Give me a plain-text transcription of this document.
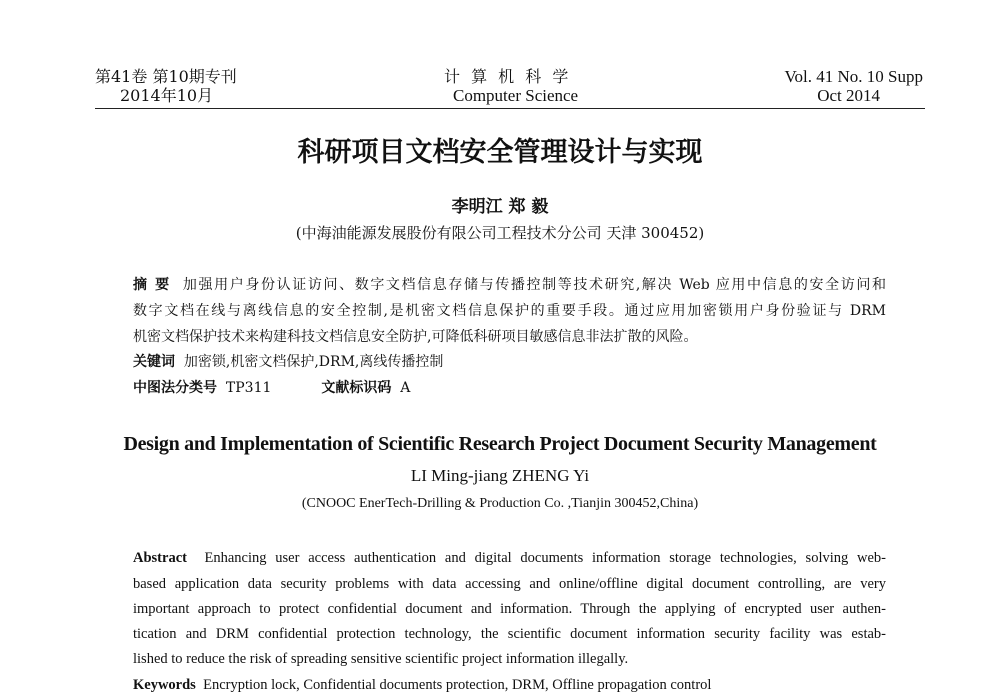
第41卷 第10期专刊
2014年10月
计 算 机 科 学
Computer Science
Vol. 41 No. 10 Supp
Oct 2014
科研项目文档安全管理设计与实现
李明江 郑 毅
(中海油能源发展股份有限公司工程技术分公司 天津 300452)
摘 要 加强用户身份认证访问、数字文档信息存储与传播控制等技术研究,解决 Web 应用中信息的安全访问和
数字文档在线与离线信息的安全控制,是机密文档信息保护的重要手段。通过应用加密锁用户身份验证与 DRM
机密文档保护技术来构建科技文档信息安全防护,可降低科研项目敏感信息非法扩散的风险。
关键词 加密锁,机密文档保护,DRM,离线传播控制
中图法分类号 TP311	文献标识码 A
Design and Implementation of Scientific Research Project Document Security Management
LI Ming-jiang ZHENG Yi
(CNOOC EnerTech-Drilling & Production Co. ,Tianjin 300452,China)
Abstract Enhancing user access authentication and digital documents information storage technologies, solving web-
based application data security problems with data accessing and online/offline digital document controlling, are very
important approach to protect confidential document and information. Through the applying of encrypted user authen-
tication and DRM confidential protection technology, the scientific document information security facility was estab-
lished to reduce the risk of spreading sensitive scientific project information illegally.
Keywords Encryption lock, Confidential documents protection, DRM, Offline propagation control
